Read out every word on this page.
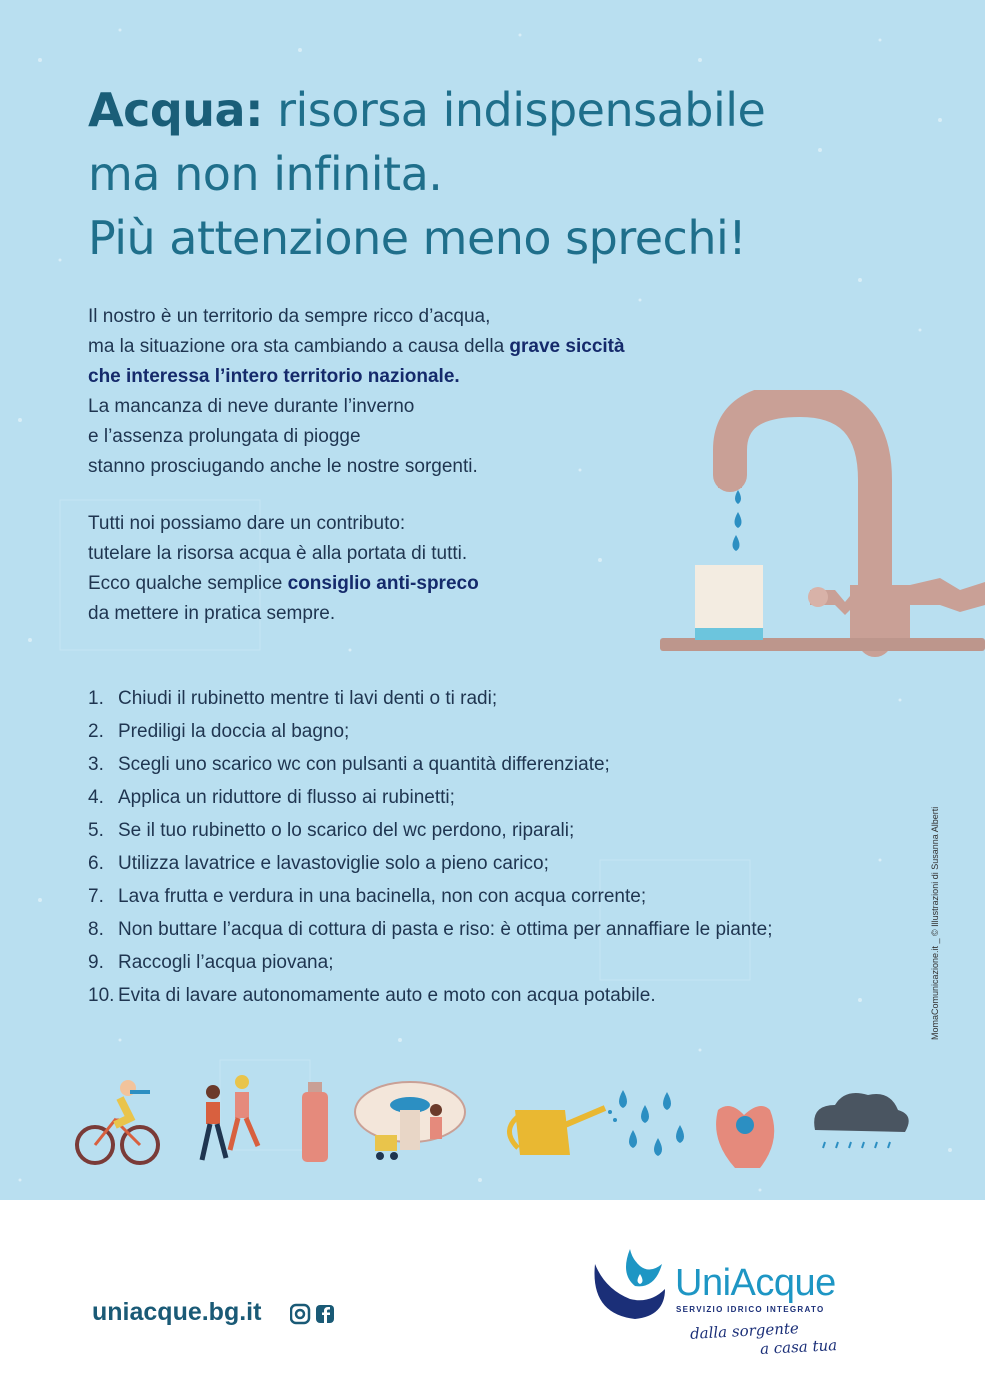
Acqua: risorsa indispensabile
ma non infinita.
Più attenzione meno sprechi!

Il nostro è un territorio da sempre ricco d’acqua,
ma la situazione ora sta cambiando a causa della grave siccità
che interessa l’intero territorio nazionale.
La mancanza di neve durante l’inverno
e l’assenza prolungata di piogge
stanno prosciugando anche le nostre sorgenti.

Tutti noi possiamo dare un contributo:
tutelare la risorsa acqua è alla portata di tutti.
Ecco qualche semplice consiglio anti-spreco
da mettere in pratica sempre.

1. Chiudi il rubinetto mentre ti lavi denti o ti radi;
2. Prediligi la doccia al bagno;
3. Scegli uno scarico wc con pulsanti a quantità differenziate;
4. Applica un riduttore di flusso ai rubinetti;
5. Se il tuo rubinetto o lo scarico del wc perdono, riparali;
6. Utilizza lavatrice e lavastoviglie solo a pieno carico;
7. Lava frutta e verdura in una bacinella, non con acqua corrente;
8. Non buttare l’acqua di cottura di pasta e riso: è ottima per annaffiare le piante;
9. Raccogli l’acqua piovana;
10. Evita di lavare autonomamente auto e moto con acqua potabile.	MomaComunicazione.it _ © Illustrazioni di Susanna Alberti
uniacque.bg.it
UniAcque
SERVIZIO IDRICO INTEGRATO
dalla sorgente
a casa tua
